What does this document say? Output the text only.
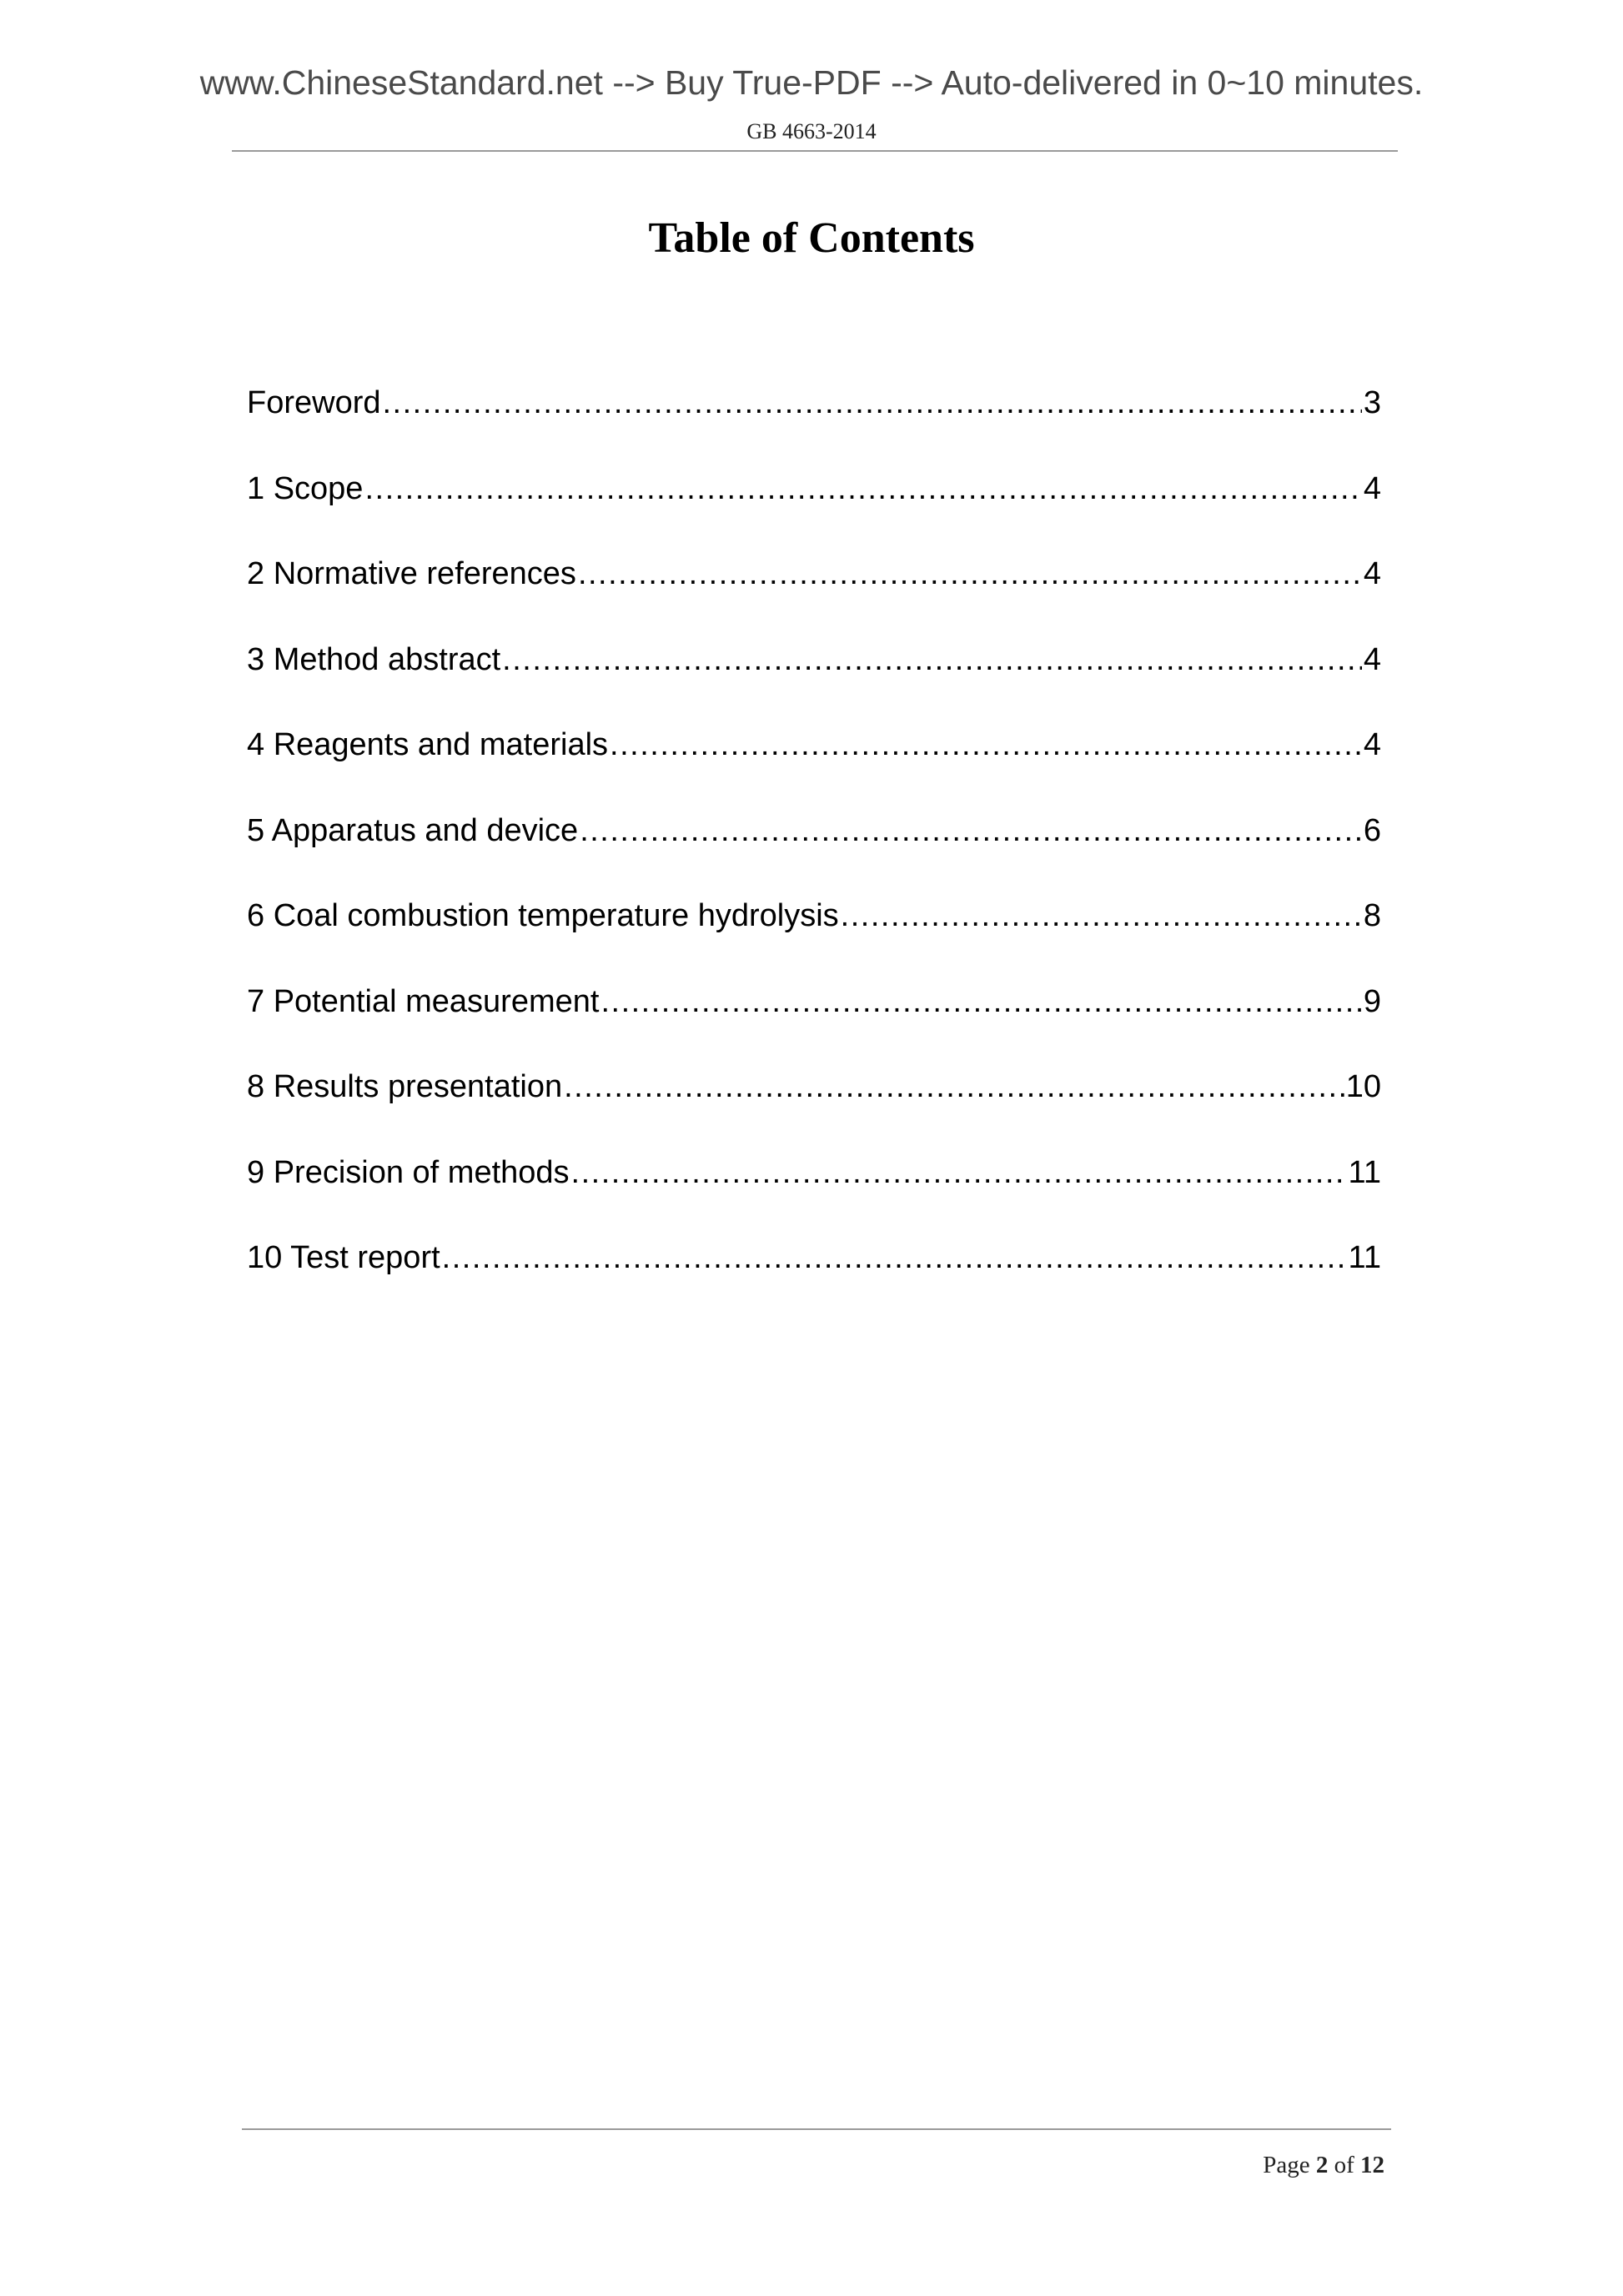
www.ChineseStandard.net --> Buy True-PDF --> Auto-delivered in 0~10 minutes.
GB 4663-2014
Table of Contents
Foreword .....	3
1 Scope .....	4
2 Normative references .....	4
3 Method abstract .....	4
4 Reagents and materials .....	4
5 Apparatus and device .....	6
6 Coal combustion temperature hydrolysis .....	8
7 Potential measurement .....	9
8 Results presentation .....	10
9 Precision of methods .....	11
10 Test report .....	11
Page 2 of 12
